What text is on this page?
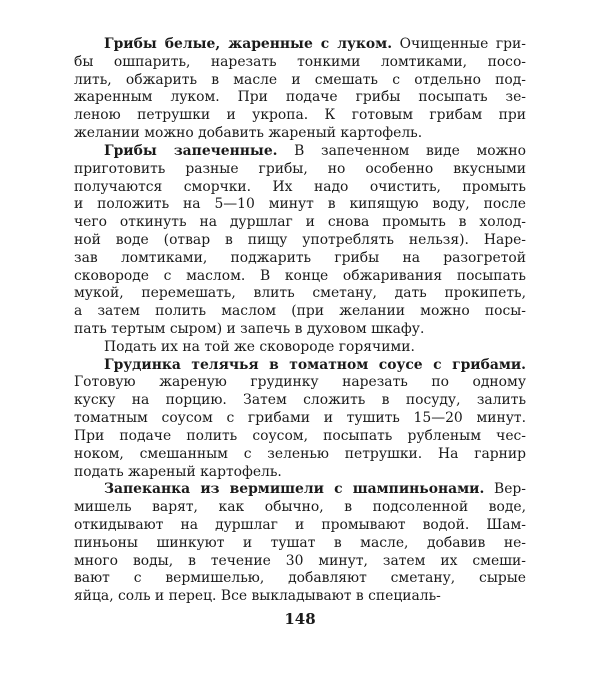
Грибы белые, жаренные с луком. Очищенные гри-
бы ошпарить, нарезать тонкими ломтиками, посо-
лить, обжарить в масле и смешать с отдельно под-
жаренным луком. При подаче грибы посыпать зе-
леною петрушки и укропа. К готовым грибам при
желании можно добавить жареный картофель.
Грибы запеченные. В запеченном виде можно
приготовить разные грибы, но особенно вкусными
получаются сморчки. Их надо очистить, промыть
и положить на 5—10 минут в кипящую воду, после
чего откинуть на дуршлаг и снова промыть в холод-
ной воде (отвар в пищу употреблять нельзя). Наре-
зав ломтиками, поджарить грибы на разогретой
сковороде с маслом. В конце обжаривания посыпать
мукой, перемешать, влить сметану, дать прокипеть,
а затем полить маслом (при желании можно посы-
пать тертым сыром) и запечь в духовом шкафу.
Подать их на той же сковороде горячими.
Грудинка телячья в томатном соусе с грибами.
Готовую жареную грудинку нарезать по одному
куску на порцию. Затем сложить в посуду, залить
томатным соусом с грибами и тушить 15—20 минут.
При подаче полить соусом, посыпать рубленым чес-
ноком, смешанным с зеленью петрушки. На гарнир
подать жареный картофель.
Запеканка из вермишели с шампиньонами. Вер-
148
мишель варят, как обычно, в подсоленной воде,
откидывают на дуршлаг и промывают водой. Шам-
пиньоны шинкуют и тушат в масле, добавив не-
много воды, в течение 30 минут, затем их смеши-
вают с вермишелью, добавляют сметану, сырые
яйца, соль и перец. Все выкладывают в специаль-
